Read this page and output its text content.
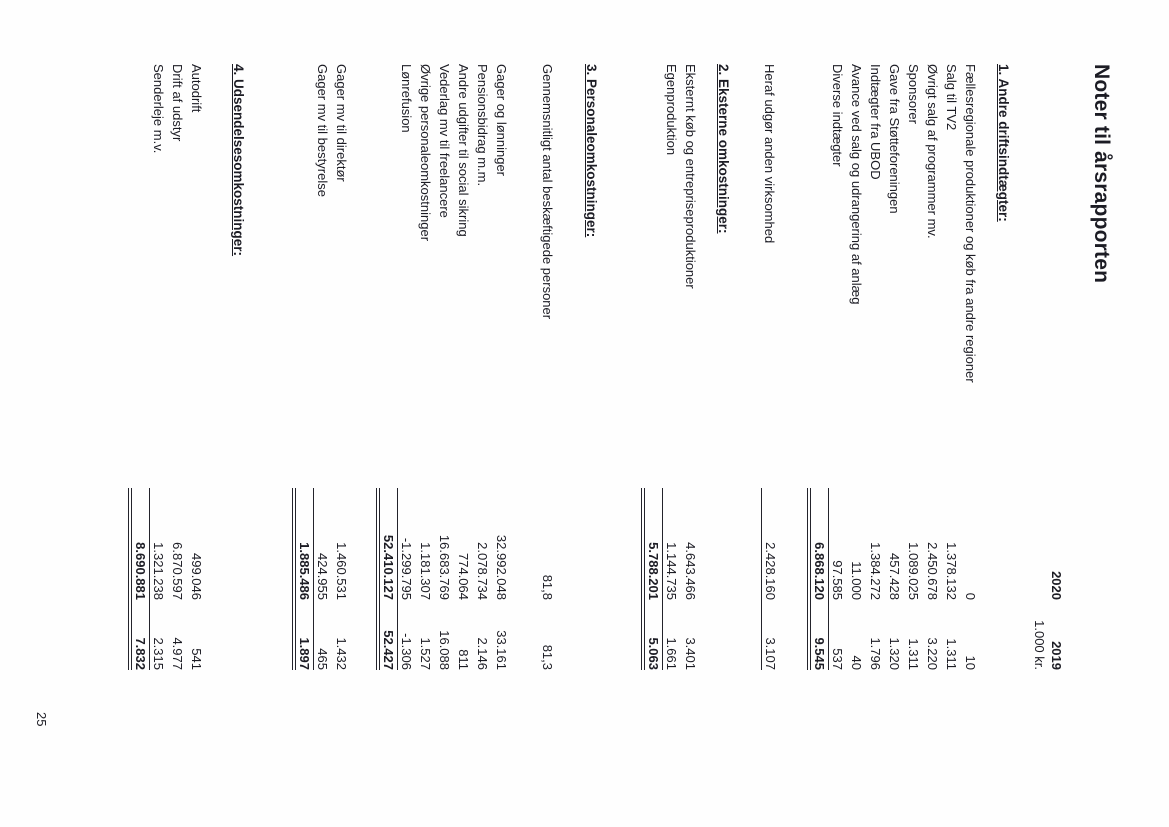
25
Noter til årsrapporten
2020
2019
1.000 kr.
1. Andre driftsindtægter:
Fællesregionale produktioner og køb fra andre regioner
0
10
Salg til TV2
1.378.132
1.311
Øvrigt salg af programmer mv.
2.450.678
3.220
Sponsorer
1.089.025
1.311
Gave fra Støtteforeningen
457.428
1.320
Indtægter fra UBOD
1.384.272
1.796
Avance ved salg og udrangering af anlæg
11.000
40
Diverse indtægter
97.585
537
6.868.120
9.545
Heraf udgør anden virksomhed
2.428.160
3.107
2. Eksterne omkostninger:
Eksternt køb og entrepriseproduktioner
4.643.466
3.401
Egenproduktion
1.144.735
1.661
5.788.201
5.063
3. Personaleomkostninger:
Gennemsnitligt antal beskæftigede personer
81,8
81,3
Gager og lønninger
32.992.048
33.161
Pensionsbidrag m.m.
2.078.734
2.146
Andre udgifter til social sikring
774.064
811
Vederlag mv til freelancere
16.683.769
16.088
Øvrige personaleomkostninger
1.181.307
1.527
Lønrefusion
-1.299.795
-1.306
52.410.127
52.427
Gager mv til direktør
1.460.531
1.432
Gager mv til bestyrelse
424.955
465
1.885.486
1.897
4. Udsendelsesomkostninger:
Autodrift
499.046
541
Drift af udstyr
6.870.597
4.977
Senderleje m.v.
1.321.238
2.315
8.690.881
7.832
